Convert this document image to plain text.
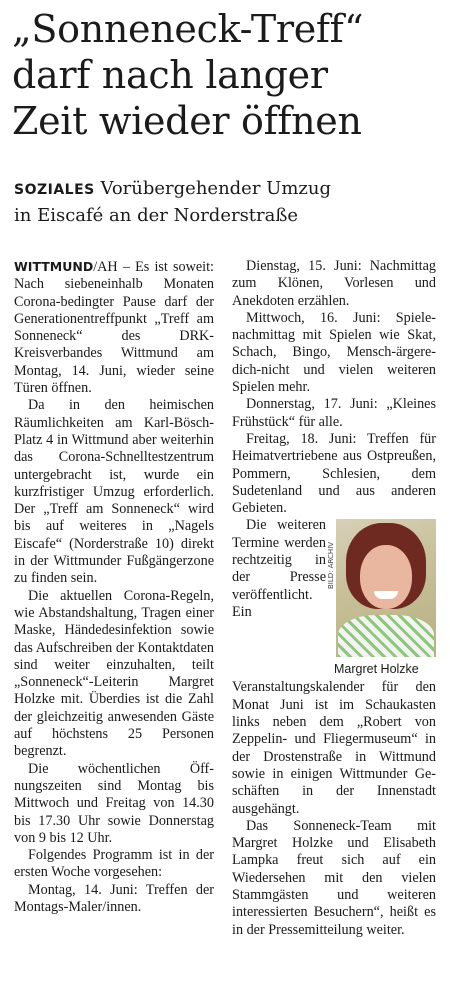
„Sonneneck-Treff“
darf nach langer
Zeit wieder öffnen
SOZIALES Vorübergehender Umzug
in Eiscafé an der Norderstraße

WITTMUND/AH – Es ist soweit: Nach siebeneinhalb Monaten Corona-bedingter Pause darf der Generationentreffpunkt „Treff am Sonneneck“ des DRK-Kreisverbandes Wittmund am Montag, 14. Juni, wieder seine Türen öffnen.

Da in den heimischen Räumlichkeiten am Karl-Bösch-Platz 4 in Wittmund aber weiterhin das Corona-Schnelltestzentrum untergebracht ist, wurde ein kurzfristiger Umzug erforderlich. Der „Treff am Sonneneck“ wird bis auf weiteres in „Nagels Eiscafe“ (Norderstraße 10) direkt in der Wittmunder Fußgängerzone zu finden sein.

Die aktuellen Corona-Regeln, wie Abstandshaltung, Tragen einer Maske, Händedesinfektion sowie das Aufschreiben der Kontaktdaten sind weiter einzuhalten, teilt „Sonneneck“-Leiterin Margret Holzke mit. Überdies ist die Zahl der gleichzeitig anwesenden Gäste auf höchstens 25 Personen begrenzt.

Die wöchentlichen Öffnungszeiten sind Montag bis Mittwoch und Freitag von 14.30 bis 17.30 Uhr sowie Donnerstag von 9 bis 12 Uhr.

Folgendes Programm ist in der ersten Woche vorgesehen:

Montag, 14. Juni: Treffen der Montags-Maler/innen.

Dienstag, 15. Juni: Nachmittag zum Klönen, Vorlesen und Anekdoten erzählen.

Mittwoch, 16. Juni: Spielenachmittag mit Spielen wie Skat, Schach, Bingo, Mensch-ärgere-dich-nicht und vielen weiteren Spielen mehr.

Donnerstag, 17. Juni: „Kleines Frühstück“ für alle.

Freitag, 18. Juni: Treffen für Heimatvertriebene aus Ostpreußen, Pommern, Schlesien, dem Sudetenland und aus anderen Gebieten.

BILD: ARCHIV
Margret Holzke

Die weiteren Termine werden rechtzeitig in der Presse veröffentlicht. Ein Veranstaltungskalender für den Monat Juni ist im Schaukasten links neben dem „Robert von Zeppelin- und Fliegermuseum“ in der Drostenstraße in Wittmund sowie in einigen Wittmunder Geschäften in der Innenstadt ausgehängt.

Das Sonneneck-Team mit Margret Holzke und Elisabeth Lampka freut sich auf ein Wiedersehen mit den vielen Stammgästen und weiteren interessierten Besuchern“, heißt es in der Pressemitteilung weiter.
